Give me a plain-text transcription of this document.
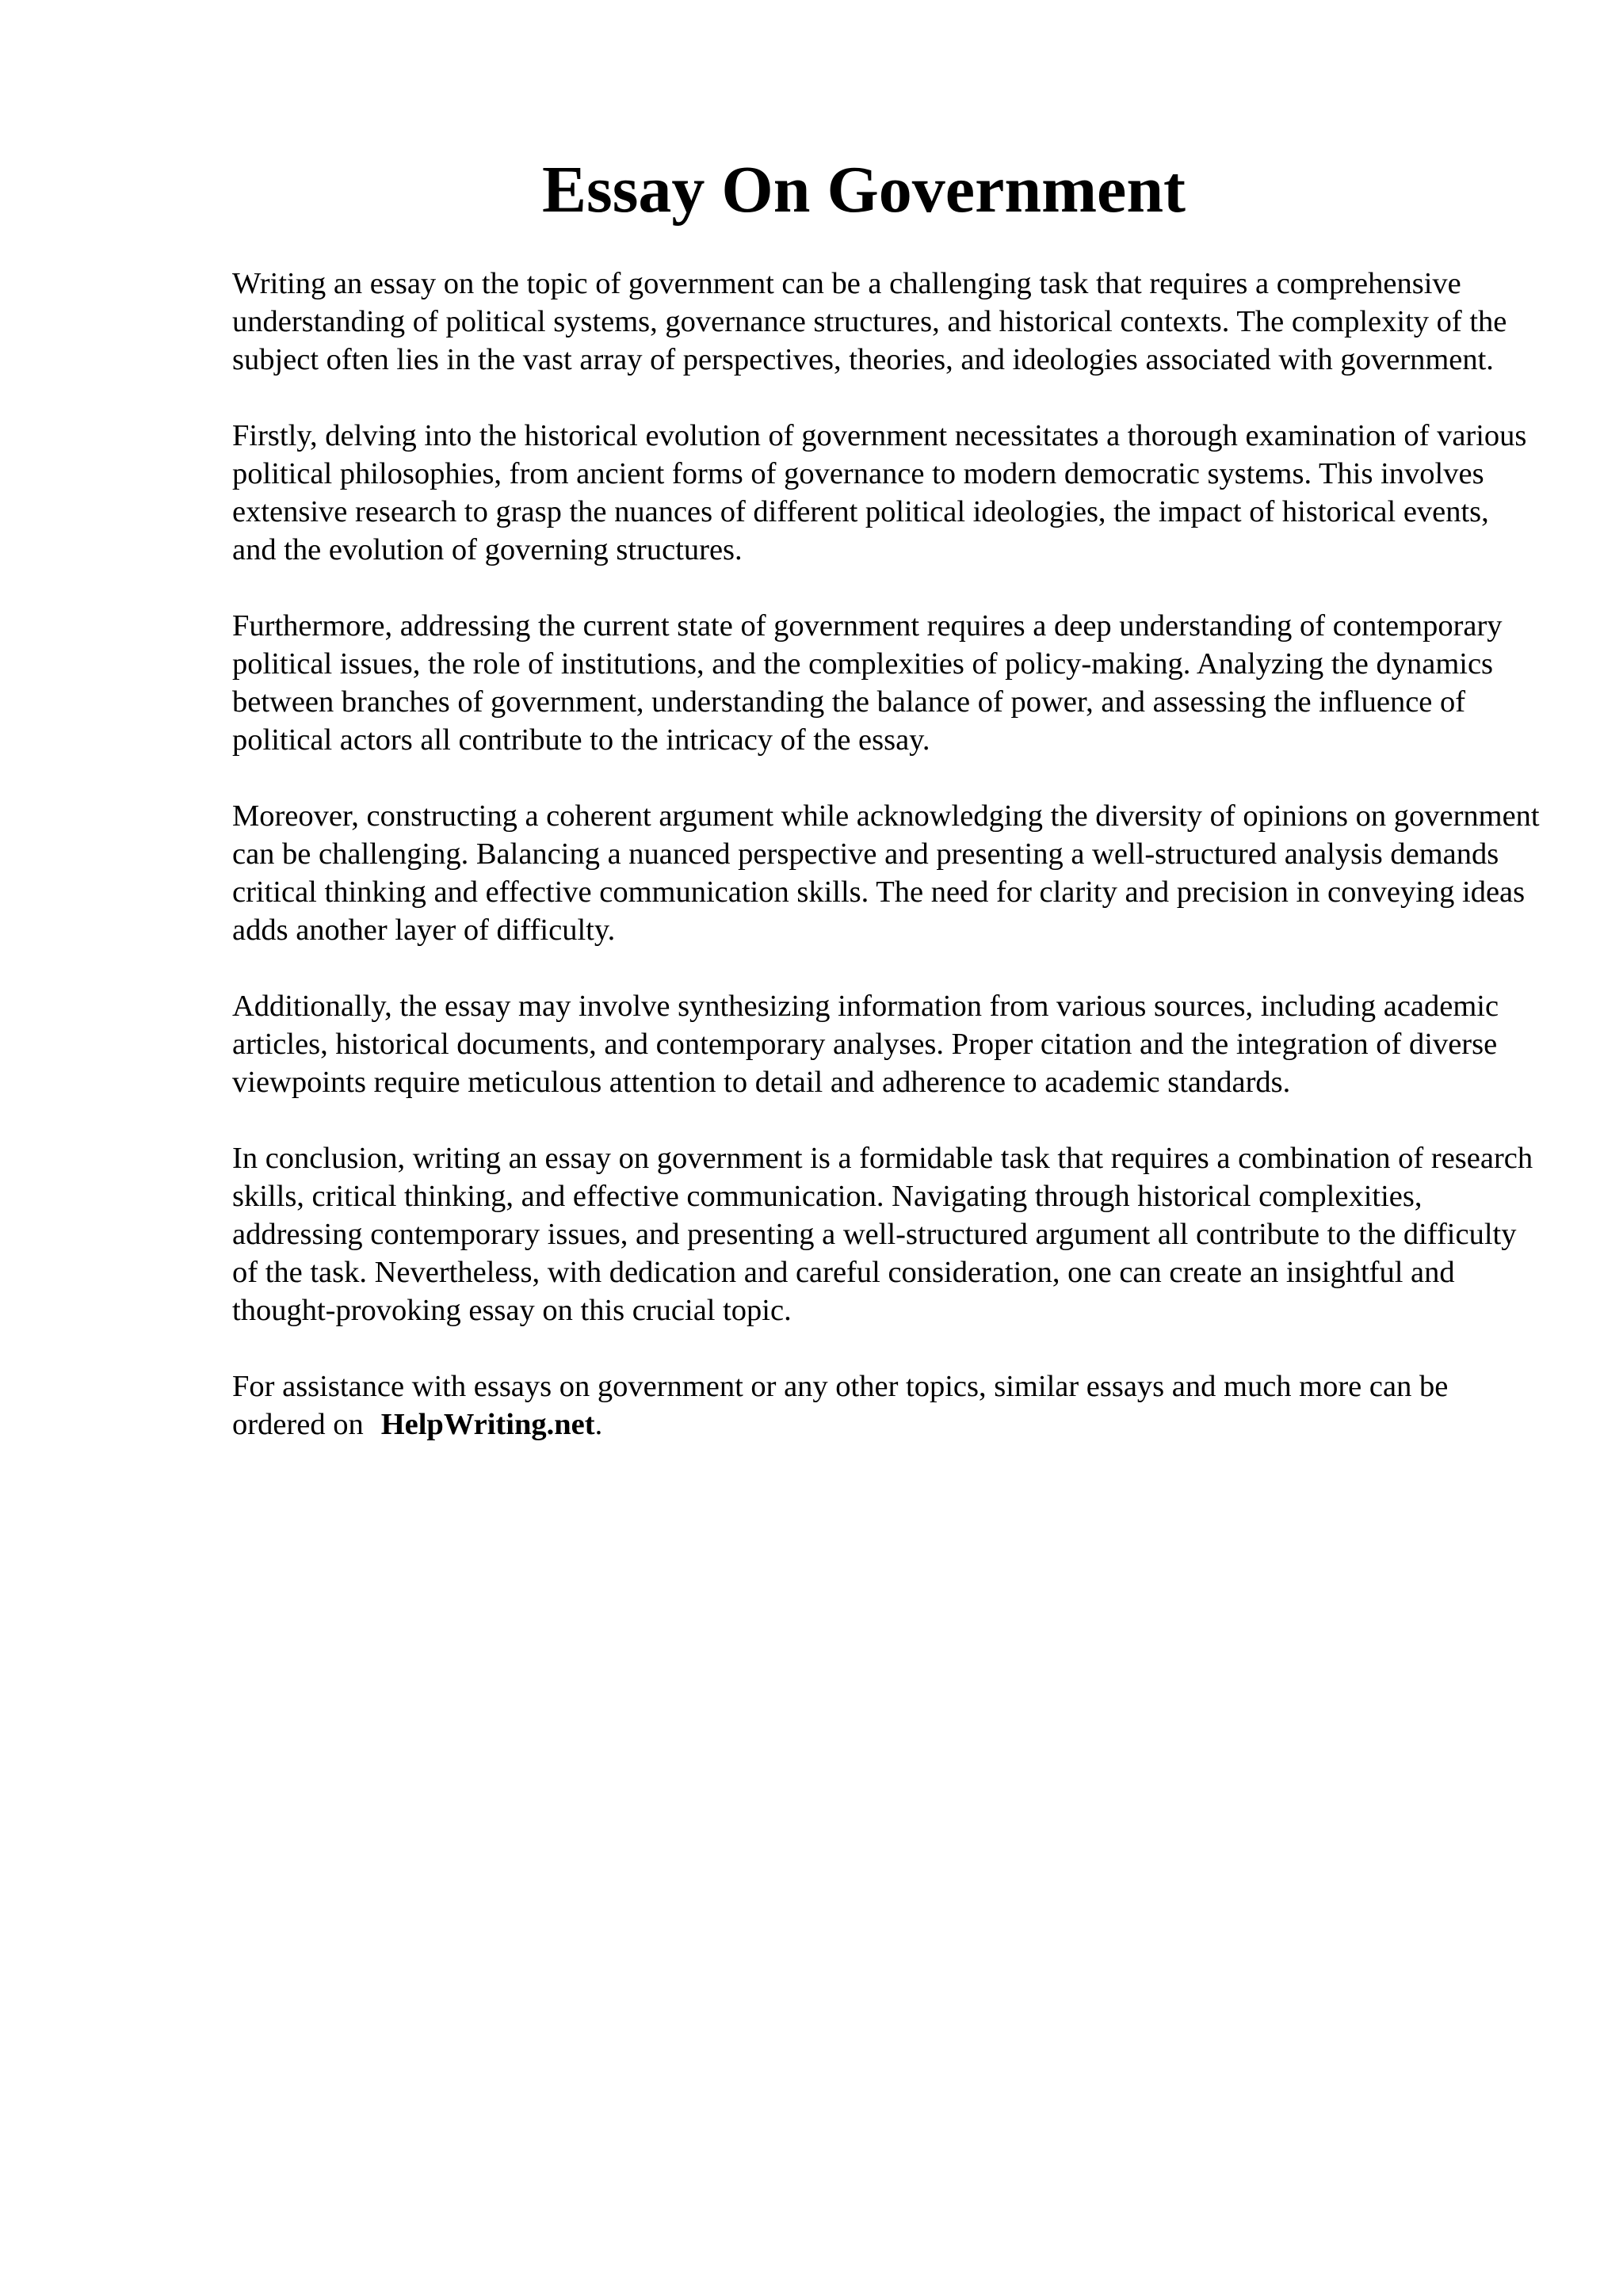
Essay On Government

Writing an essay on the topic of government can be a challenging task that requires a comprehensive understanding of political systems, governance structures, and historical contexts. The complexity of the subject often lies in the vast array of perspectives, theories, and ideologies associated with government.

Firstly, delving into the historical evolution of government necessitates a thorough examination of various political philosophies, from ancient forms of governance to modern democratic systems. This involves extensive research to grasp the nuances of different political ideologies, the impact of historical events, and the evolution of governing structures.

Furthermore, addressing the current state of government requires a deep understanding of contemporary political issues, the role of institutions, and the complexities of policy-making. Analyzing the dynamics between branches of government, understanding the balance of power, and assessing the influence of political actors all contribute to the intricacy of the essay.

Moreover, constructing a coherent argument while acknowledging the diversity of opinions on government can be challenging. Balancing a nuanced perspective and presenting a well-structured analysis demands critical thinking and effective communication skills. The need for clarity and precision in conveying ideas adds another layer of difficulty.

Additionally, the essay may involve synthesizing information from various sources, including academic articles, historical documents, and contemporary analyses. Proper citation and the integration of diverse viewpoints require meticulous attention to detail and adherence to academic standards.

In conclusion, writing an essay on government is a formidable task that requires a combination of research skills, critical thinking, and effective communication. Navigating through historical complexities, addressing contemporary issues, and presenting a well-structured argument all contribute to the difficulty of the task. Nevertheless, with dedication and careful consideration, one can create an insightful and thought-provoking essay on this crucial topic.

For assistance with essays on government or any other topics, similar essays and much more can be ordered on HelpWriting.net.
